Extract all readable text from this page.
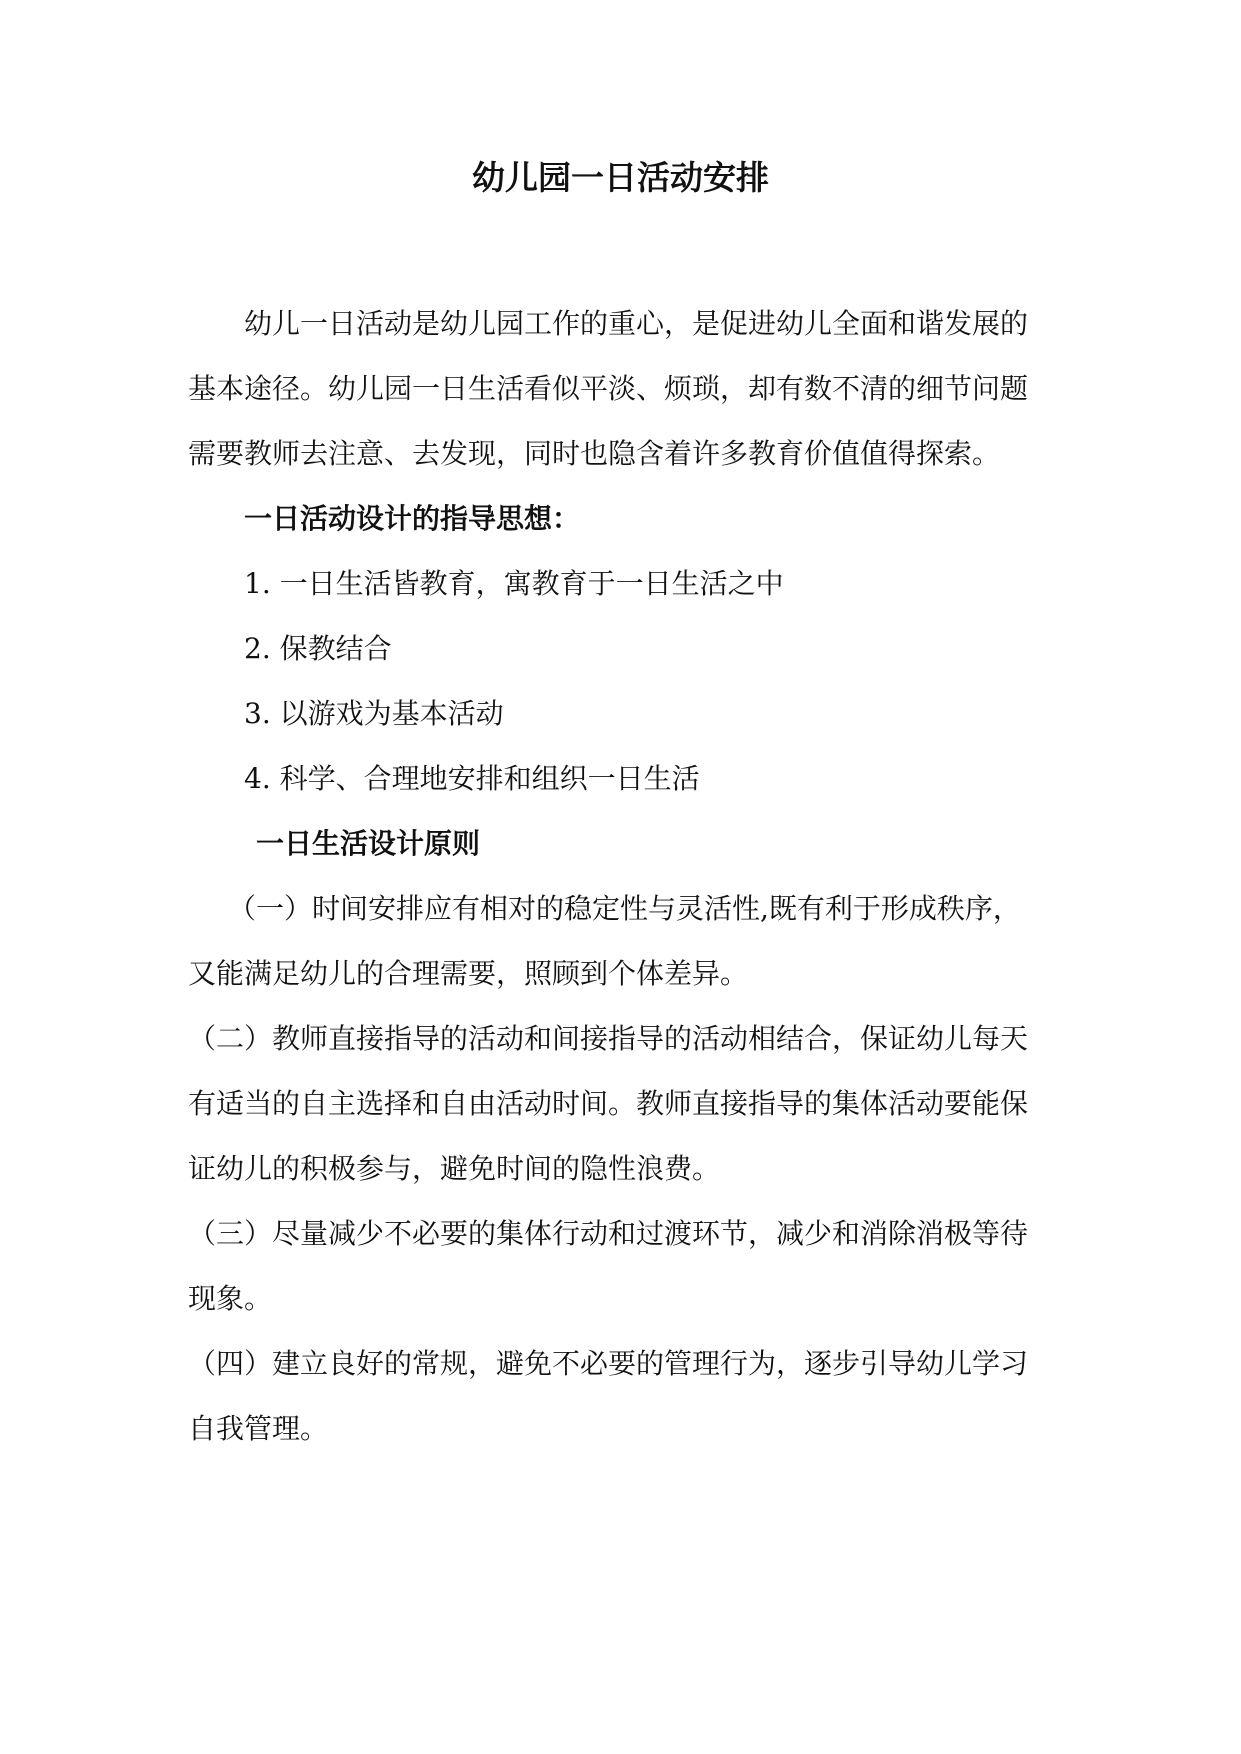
幼儿园一日活动安排

幼儿一日活动是幼儿园工作的重心，是促进幼儿全面和谐发展的

基本途径。幼儿园一日生活看似平淡、烦琐，却有数不清的细节问题

需要教师去注意、去发现，同时也隐含着许多教育价值值得探索。

一日活动设计的指导思想：

1. 一日生活皆教育，寓教育于一日生活之中

2. 保教结合

3. 以游戏为基本活动

4. 科学、合理地安排和组织一日生活

一日生活设计原则

（一）时间安排应有相对的稳定性与灵活性,既有利于形成秩序，

又能满足幼儿的合理需要，照顾到个体差异。

（二）教师直接指导的活动和间接指导的活动相结合，保证幼儿每天

有适当的自主选择和自由活动时间。教师直接指导的集体活动要能保

证幼儿的积极参与，避免时间的隐性浪费。

（三）尽量减少不必要的集体行动和过渡环节，减少和消除消极等待

现象。

（四）建立良好的常规，避免不必要的管理行为，逐步引导幼儿学习

自我管理。
